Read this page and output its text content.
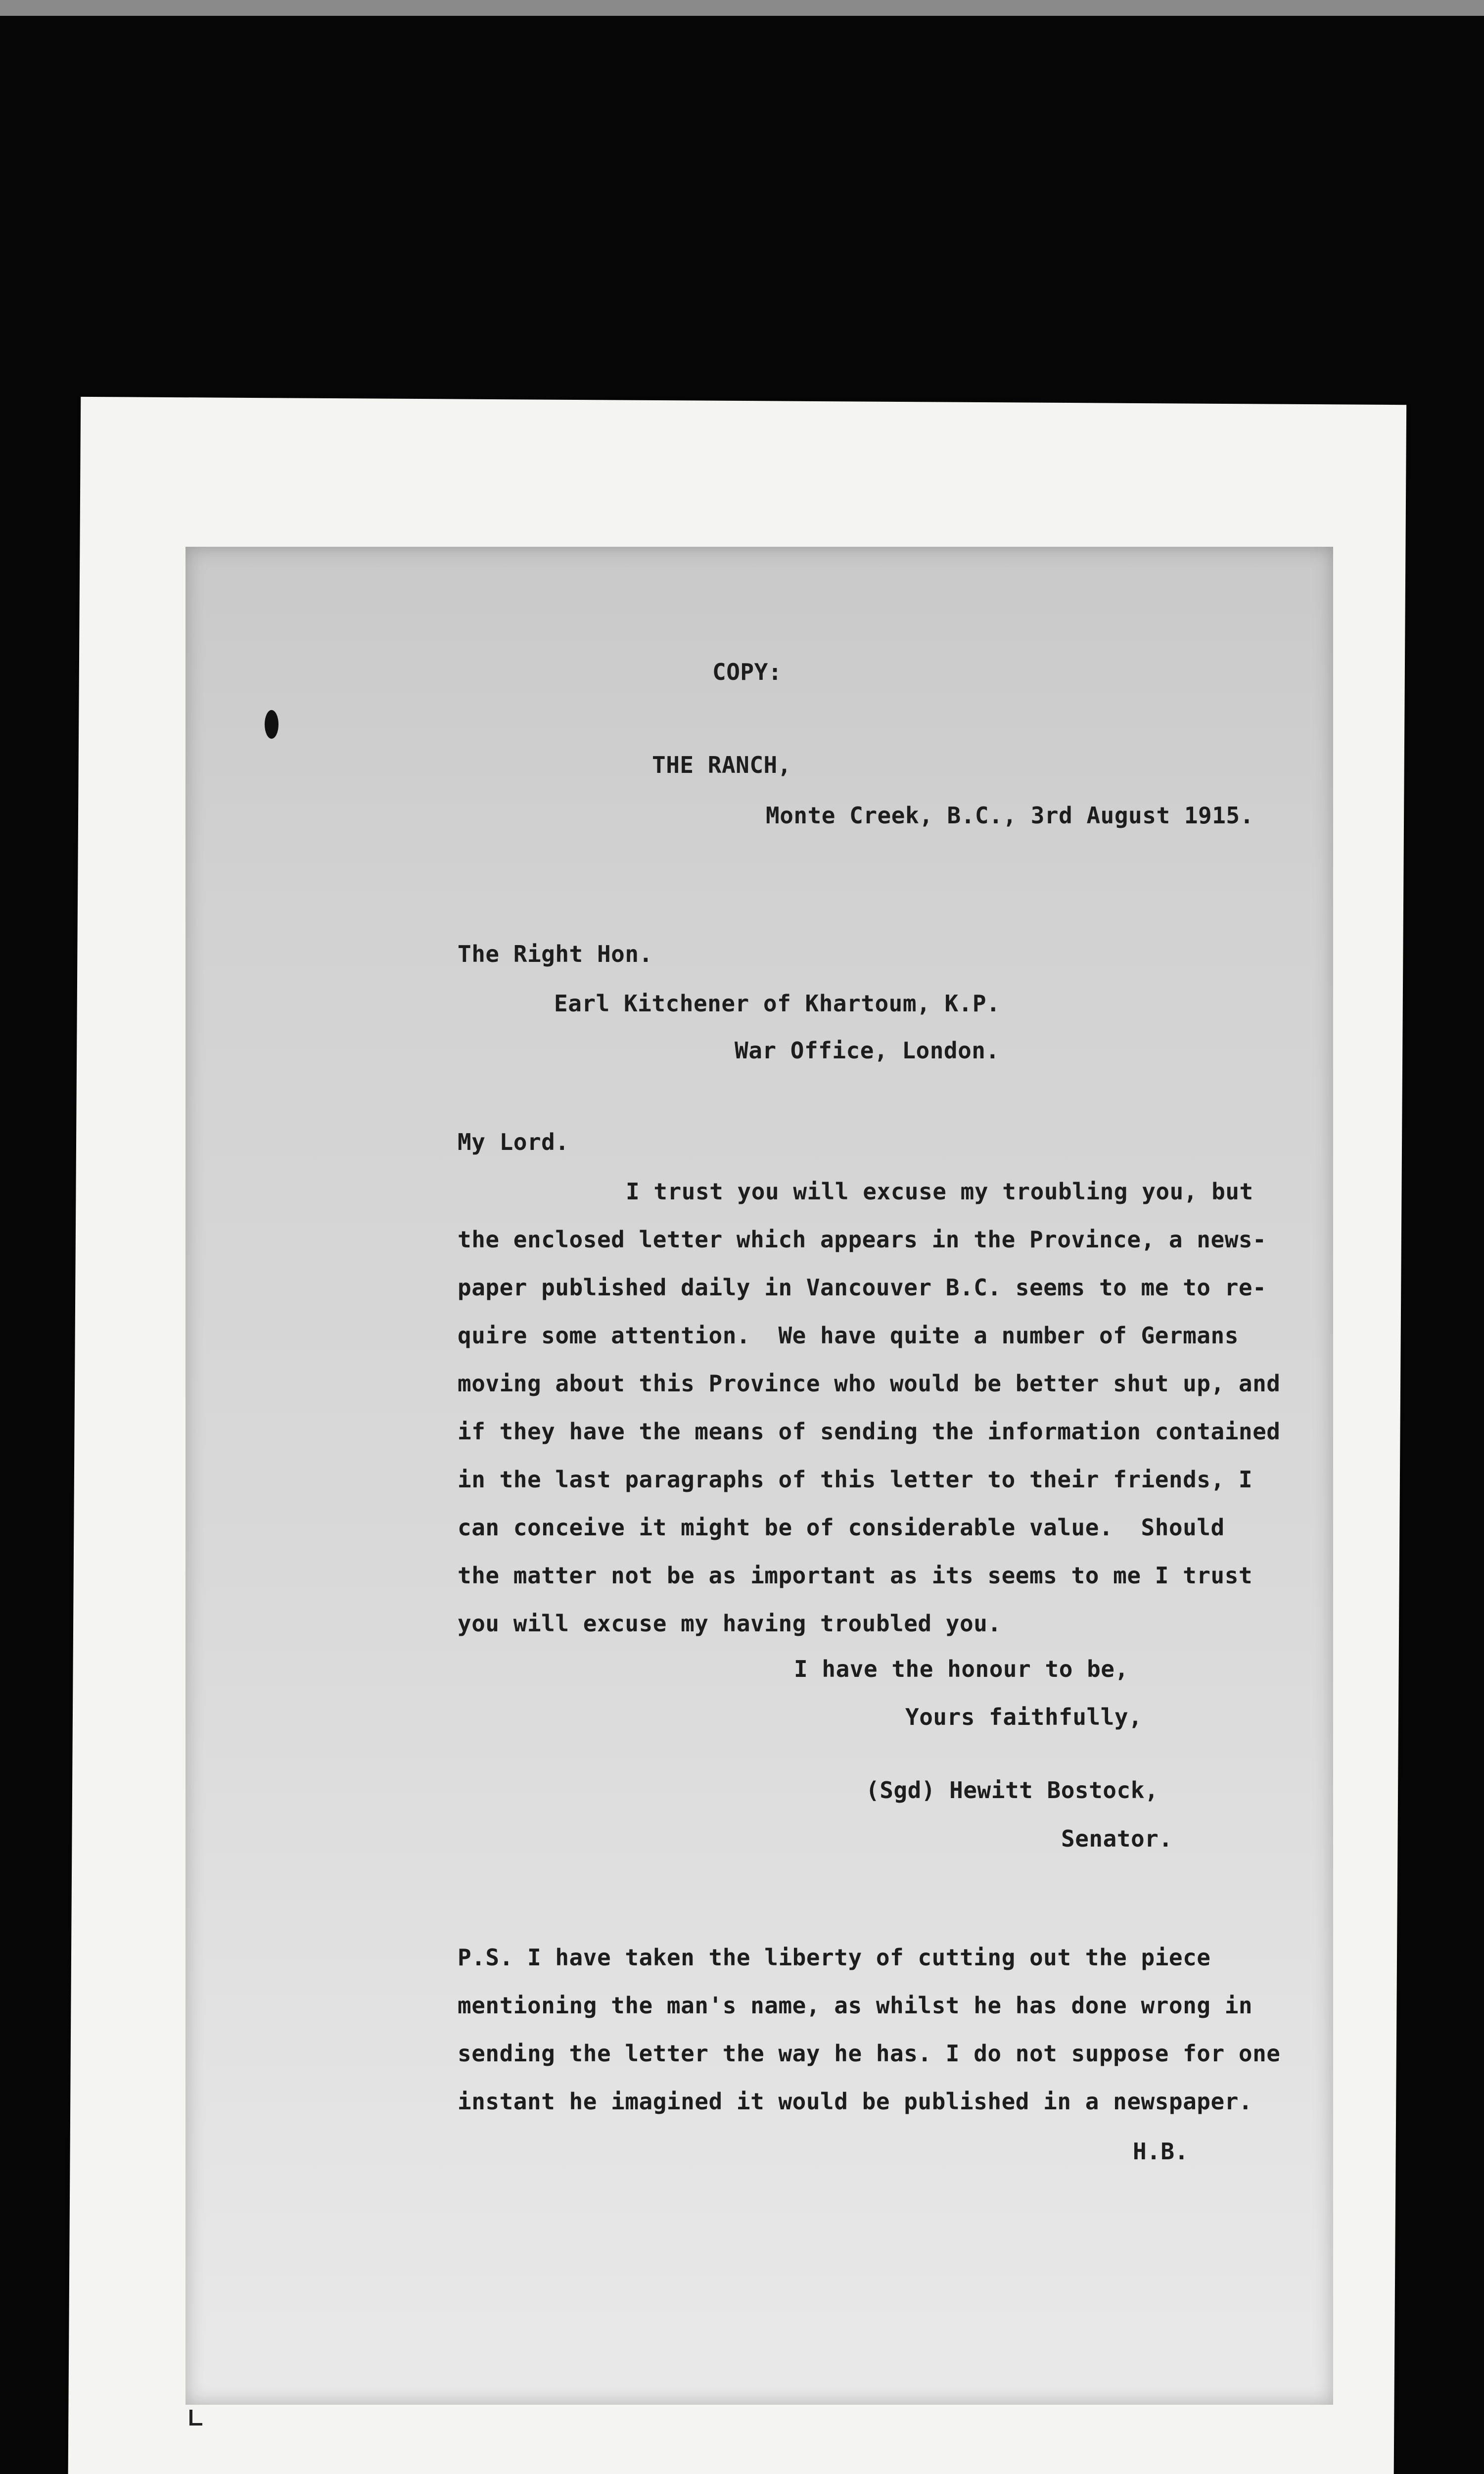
COPY:

THE RANCH,

Monte Creek, B.C., 3rd August 1915.

The Right Hon.

Earl Kitchener of Khartoum, K.P.

War Office, London.

My Lord.

I trust you will excuse my troubling you, but

the enclosed letter which appears in the Province, a news-

paper published daily in Vancouver B.C. seems to me to re-

quire some attention.  We have quite a number of Germans

moving about this Province who would be better shut up, and

if they have the means of sending the information contained

in the last paragraphs of this letter to their friends, I

can conceive it might be of considerable value.  Should

the matter not be as important as its seems to me I trust

you will excuse my having troubled you.

I have the honour to be,

Yours faithfully,

(Sgd) Hewitt Bostock,

Senator.

P.S. I have taken the liberty of cutting out the piece

mentioning the man's name, as whilst he has done wrong in

sending the letter the way he has. I do not suppose for one

instant he imagined it would be published in a newspaper.

H.B.
